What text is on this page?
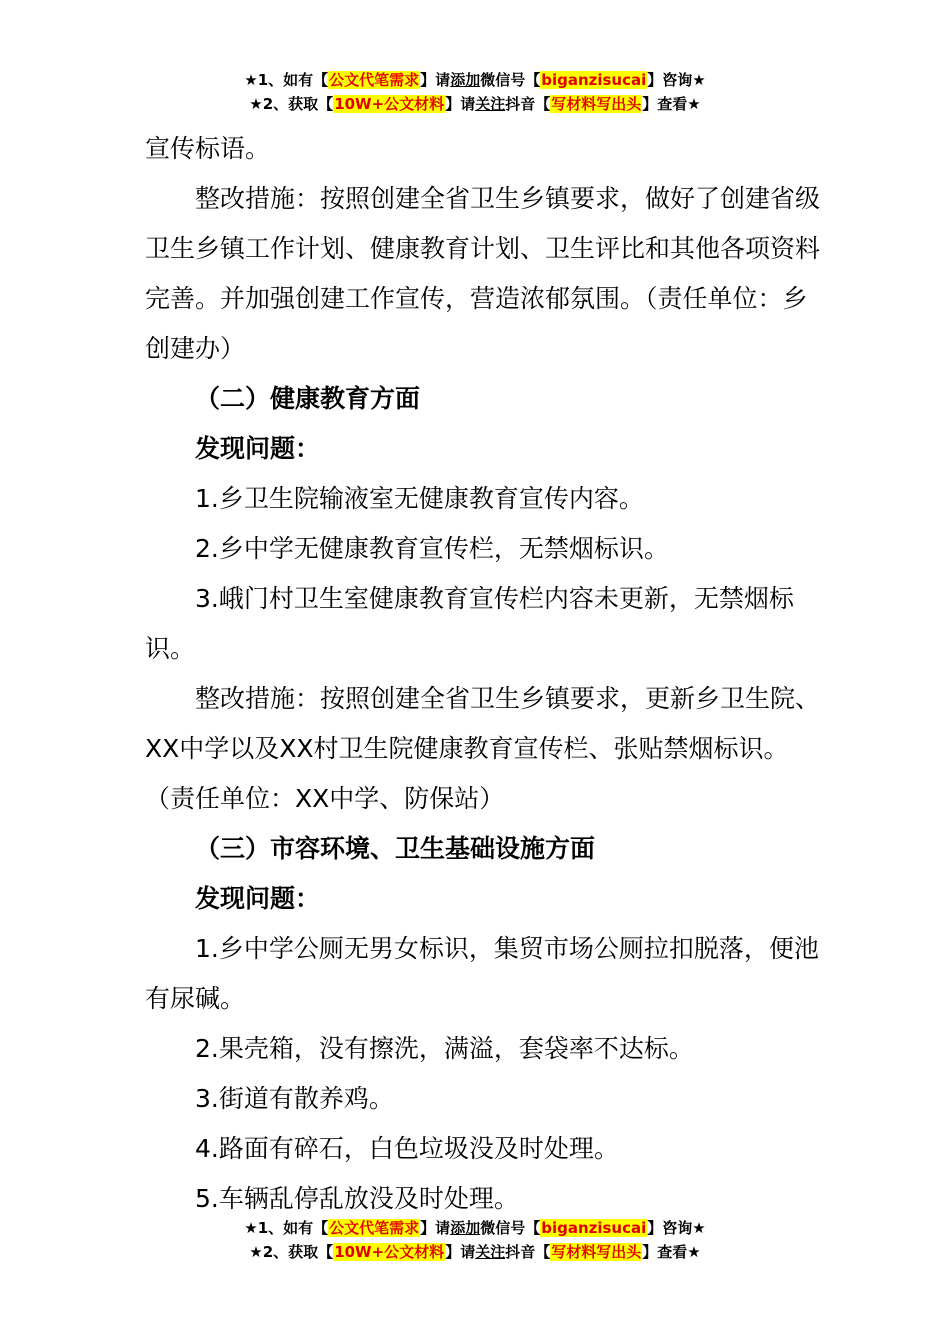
★1、如有【公文代笔需求】请添加微信号【biganzisucai】咨询★
★2、获取【10W+公文材料】请关注抖音【写材料写出头】查看★

宣传标语。

整改措施：按照创建全省卫生乡镇要求，做好了创建省级卫生乡镇工作计划、健康教育计划、卫生评比和其他各项资料完善。并加强创建工作宣传，营造浓郁氛围。（责任单位：乡创建办）

（二）健康教育方面

发现问题：

1.乡卫生院输液室无健康教育宣传内容。

2.乡中学无健康教育宣传栏，无禁烟标识。

3.峨门村卫生室健康教育宣传栏内容未更新，无禁烟标识。

整改措施：按照创建全省卫生乡镇要求，更新乡卫生院、XX中学以及XX村卫生院健康教育宣传栏、张贴禁烟标识。（责任单位：XX中学、防保站）

（三）市容环境、卫生基础设施方面

发现问题：

1.乡中学公厕无男女标识，集贸市场公厕拉扣脱落，便池有尿碱。

2.果壳箱，没有擦洗，满溢，套袋率不达标。

3.街道有散养鸡。

4.路面有碎石，白色垃圾没及时处理。

5.车辆乱停乱放没及时处理。

★1、如有【公文代笔需求】请添加微信号【biganzisucai】咨询★
★2、获取【10W+公文材料】请关注抖音【写材料写出头】查看★
